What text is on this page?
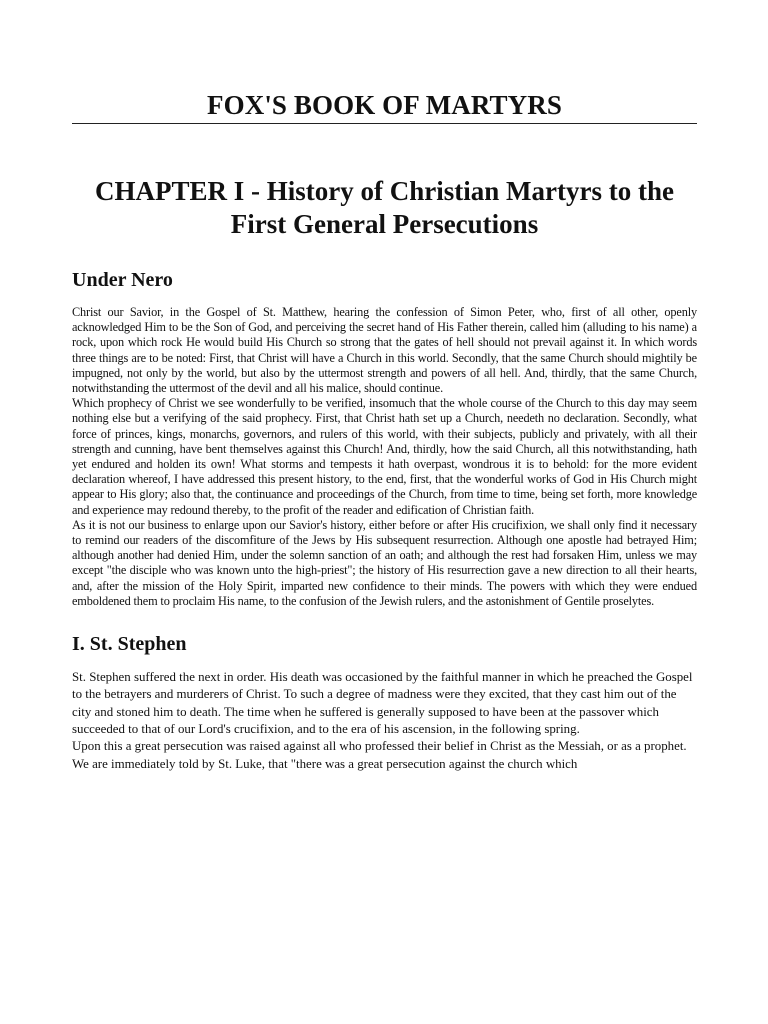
FOX'S BOOK OF MARTYRS
CHAPTER I - History of Christian Martyrs to the First General Persecutions
Under Nero

Christ our Savior, in the Gospel of St. Matthew, hearing the confession of Simon Peter, who, first of all other, openly acknowledged Him to be the Son of God, and perceiving the secret hand of His Father therein, called him (alluding to his name) a rock, upon which rock He would build His Church so strong that the gates of hell should not prevail against it. In which words three things are to be noted: First, that Christ will have a Church in this world. Secondly, that the same Church should mightily be impugned, not only by the world, but also by the uttermost strength and powers of all hell. And, thirdly, that the same Church, notwithstanding the uttermost of the devil and all his malice, should continue.

Which prophecy of Christ we see wonderfully to be verified, insomuch that the whole course of the Church to this day may seem nothing else but a verifying of the said prophecy. First, that Christ hath set up a Church, needeth no declaration. Secondly, what force of princes, kings, monarchs, governors, and rulers of this world, with their subjects, publicly and privately, with all their strength and cunning, have bent themselves against this Church! And, thirdly, how the said Church, all this notwithstanding, hath yet endured and holden its own! What storms and tempests it hath overpast, wondrous it is to behold: for the more evident declaration whereof, I have addressed this present history, to the end, first, that the wonderful works of God in His Church might appear to His glory; also that, the continuance and proceedings of the Church, from time to time, being set forth, more knowledge and experience may redound thereby, to the profit of the reader and edification of Christian faith.

As it is not our business to enlarge upon our Savior's history, either before or after His crucifixion, we shall only find it necessary to remind our readers of the discomfiture of the Jews by His subsequent resurrection. Although one apostle had betrayed Him; although another had denied Him, under the solemn sanction of an oath; and although the rest had forsaken Him, unless we may except "the disciple who was known unto the high-priest"; the history of His resurrection gave a new direction to all their hearts, and, after the mission of the Holy Spirit, imparted new confidence to their minds. The powers with which they were endued emboldened them to proclaim His name, to the confusion of the Jewish rulers, and the astonishment of Gentile proselytes.

I. St. Stephen

St. Stephen suffered the next in order. His death was occasioned by the faithful manner in which he preached the Gospel to the betrayers and murderers of Christ. To such a degree of madness were they excited, that they cast him out of the city and stoned him to death. The time when he suffered is generally supposed to have been at the passover which succeeded to that of our Lord's crucifixion, and to the era of his ascension, in the following spring.

Upon this a great persecution was raised against all who professed their belief in Christ as the Messiah, or as a prophet. We are immediately told by St. Luke, that "there was a great persecution against the church which
